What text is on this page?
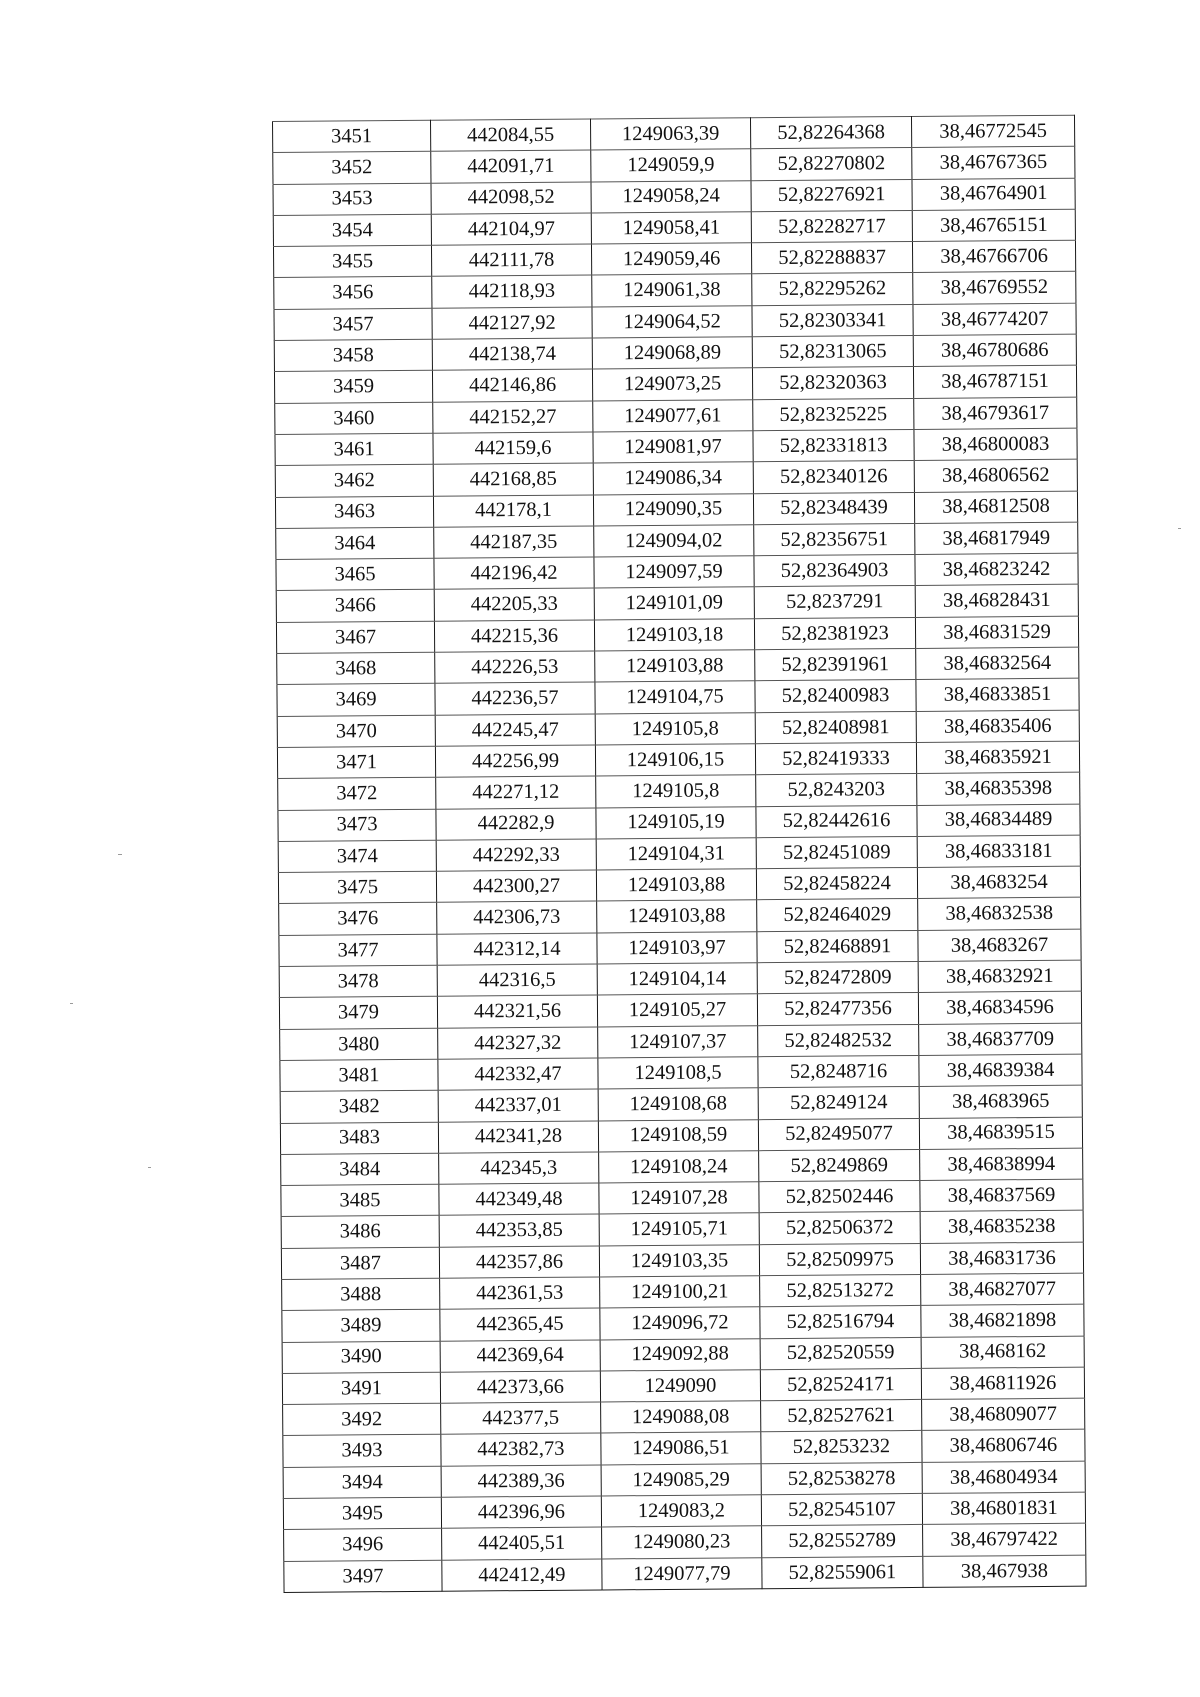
3451	442084,55	1249063,39	52,82264368	38,46772545
3452	442091,71	1249059,9	52,82270802	38,46767365
3453	442098,52	1249058,24	52,82276921	38,46764901
3454	442104,97	1249058,41	52,82282717	38,46765151
3455	442111,78	1249059,46	52,82288837	38,46766706
3456	442118,93	1249061,38	52,82295262	38,46769552
3457	442127,92	1249064,52	52,82303341	38,46774207
3458	442138,74	1249068,89	52,82313065	38,46780686
3459	442146,86	1249073,25	52,82320363	38,46787151
3460	442152,27	1249077,61	52,82325225	38,46793617
3461	442159,6	1249081,97	52,82331813	38,46800083
3462	442168,85	1249086,34	52,82340126	38,46806562
3463	442178,1	1249090,35	52,82348439	38,46812508
3464	442187,35	1249094,02	52,82356751	38,46817949
3465	442196,42	1249097,59	52,82364903	38,46823242
3466	442205,33	1249101,09	52,8237291	38,46828431
3467	442215,36	1249103,18	52,82381923	38,46831529
3468	442226,53	1249103,88	52,82391961	38,46832564
3469	442236,57	1249104,75	52,82400983	38,46833851
3470	442245,47	1249105,8	52,82408981	38,46835406
3471	442256,99	1249106,15	52,82419333	38,46835921
3472	442271,12	1249105,8	52,8243203	38,46835398
3473	442282,9	1249105,19	52,82442616	38,46834489
3474	442292,33	1249104,31	52,82451089	38,46833181
3475	442300,27	1249103,88	52,82458224	38,4683254
3476	442306,73	1249103,88	52,82464029	38,46832538
3477	442312,14	1249103,97	52,82468891	38,4683267
3478	442316,5	1249104,14	52,82472809	38,46832921
3479	442321,56	1249105,27	52,82477356	38,46834596
3480	442327,32	1249107,37	52,82482532	38,46837709
3481	442332,47	1249108,5	52,8248716	38,46839384
3482	442337,01	1249108,68	52,8249124	38,4683965
3483	442341,28	1249108,59	52,82495077	38,46839515
3484	442345,3	1249108,24	52,8249869	38,46838994
3485	442349,48	1249107,28	52,82502446	38,46837569
3486	442353,85	1249105,71	52,82506372	38,46835238
3487	442357,86	1249103,35	52,82509975	38,46831736
3488	442361,53	1249100,21	52,82513272	38,46827077
3489	442365,45	1249096,72	52,82516794	38,46821898
3490	442369,64	1249092,88	52,82520559	38,468162
3491	442373,66	1249090	52,82524171	38,46811926
3492	442377,5	1249088,08	52,82527621	38,46809077
3493	442382,73	1249086,51	52,8253232	38,46806746
3494	442389,36	1249085,29	52,82538278	38,46804934
3495	442396,96	1249083,2	52,82545107	38,46801831
3496	442405,51	1249080,23	52,82552789	38,46797422
3497	442412,49	1249077,79	52,82559061	38,467938
